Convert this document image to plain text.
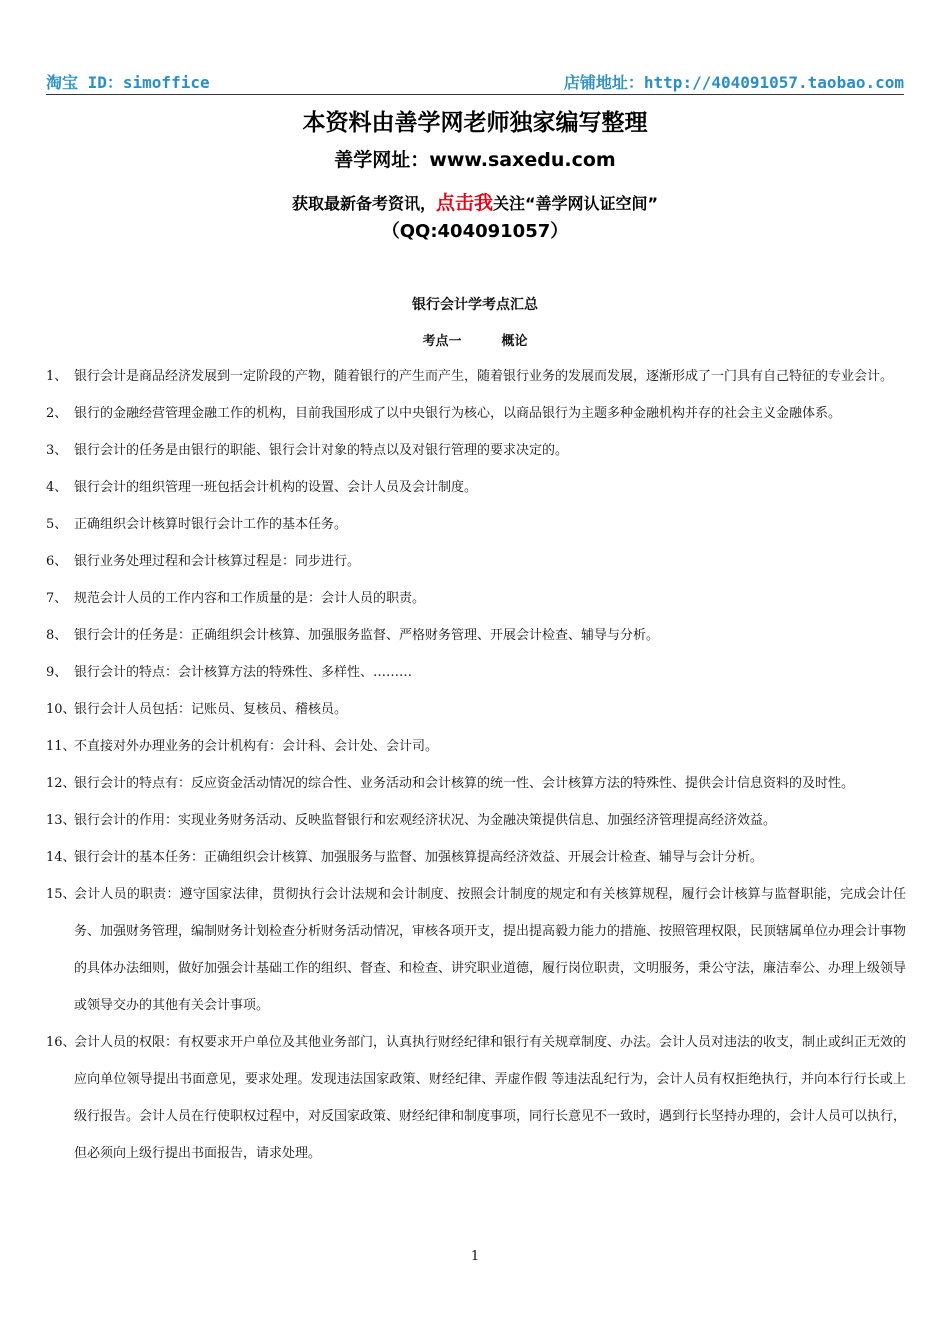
淘宝 ID：simoffice	店铺地址：http://404091057.taobao.com
本资料由善学网老师独家编写整理
善学网址：www.saxedu.com
获取最新备考资讯，点击我关注“善学网认证空间”
（QQ:404091057）
银行会计学考点汇总
考点一	概论
1、 银行会计是商品经济发展到一定阶段的产物，随着银行的产生而产生，随着银行业务的发展而发展，逐渐形成了一门具有自己特征的专业会计。
2、 银行的金融经营管理金融工作的机构，目前我国形成了以中央银行为核心，以商品银行为主题多种金融机构并存的社会主义金融体系。
3、 银行会计的任务是由银行的职能、银行会计对象的特点以及对银行管理的要求决定的。
4、 银行会计的组织管理一班包括会计机构的设置、会计人员及会计制度。
5、 正确组织会计核算时银行会计工作的基本任务。
6、 银行业务处理过程和会计核算过程是：同步进行。
7、 规范会计人员的工作内容和工作质量的是：会计人员的职责。
8、 银行会计的任务是：正确组织会计核算、加强服务监督、严格财务管理、开展会计检查、辅导与分析。
9、 银行会计的特点：会计核算方法的特殊性、多样性、………
10、
银行会计人员包括：记账员、复核员、稽核员。
11、
不直接对外办理业务的会计机构有：会计科、会计处、会计司。
12、
银行会计的特点有：反应资金活动情况的综合性、业务活动和会计核算的统一性、会计核算方法的特殊性、提供会计信息资料的及时性。
13、
银行会计的作用：实现业务财务活动、反映监督银行和宏观经济状况、为金融决策提供信息、加强经济管理提高经济效益。
14、
银行会计的基本任务：正确组织会计核算、加强服务与监督、加强核算提高经济效益、开展会计检查、辅导与会计分析。
15、
会计人员的职责：遵守国家法律，贯彻执行会计法规和会计制度、按照会计制度的规定和有关核算规程，履行会计核算与监督职能，完成会计任务、加强财务管理，编制财务计划检查分析财务活动情况，审核各项开支，提出提高毅力能力的措施、按照管理权限，民顶辖属单位办理会计事物的具体办法细则，做好加强会计基础工作的组织、督查、和检查、讲究职业道德，履行岗位职责，文明服务，秉公守法，廉洁奉公、办理上级领导或领导交办的其他有关会计事项。
16、
会计人员的权限：有权要求开户单位及其他业务部门，认真执行财经纪律和银行有关规章制度、办法。会计人员对违法的收支，制止或纠正无效的应向单位领导提出书面意见，要求处理。发现违法国家政策、财经纪律、弄虚作假 等违法乱纪行为，会计人员有权拒绝执行，并向本行行长或上级行报告。会计人员在行使职权过程中，对反国家政策、财经纪律和制度事项，同行长意见不一致时，遇到行长坚持办理的，会计人员可以执行，但必须向上级行提出书面报告，请求处理。
1
